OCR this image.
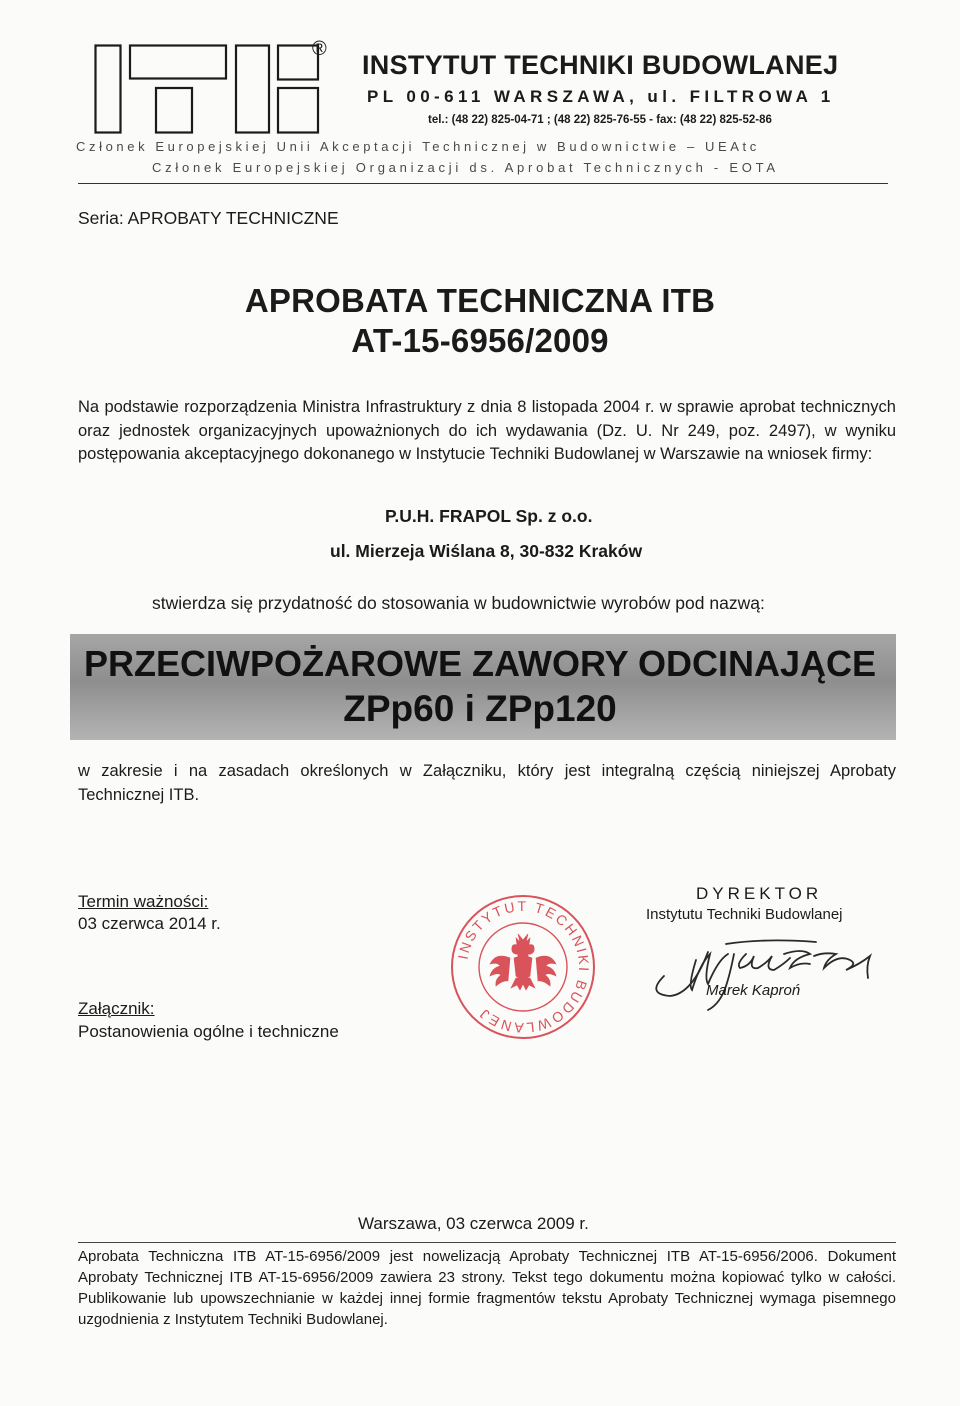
®
INSTYTUT TECHNIKI BUDOWLANEJ
PL 00-611 WARSZAWA, ul. FILTROWA 1
tel.: (48 22) 825-04-71 ; (48 22) 825-76-55 - fax: (48 22) 825-52-86
Członek Europejskiej Unii Akceptacji Technicznej w Budownictwie – UEAtc
Członek Europejskiej Organizacji ds. Aprobat Technicznych - EOTA
Seria: APROBATY TECHNICZNE
APROBATA TECHNICZNA ITB
AT-15-6956/2009

Na podstawie rozporządzenia Ministra Infrastruktury z dnia 8 listopada 2004 r. w sprawie aprobat technicznych oraz jednostek organizacyjnych upoważnionych do ich wydawania (Dz. U. Nr 249, poz. 2497), w wyniku postępowania akceptacyjnego dokonanego w Instytucie Techniki Budowlanej w Warszawie na wniosek firmy:

P.U.H. FRAPOL Sp. z o.o.
ul. Mierzeja Wiślana 8, 30-832 Kraków
stwierdza się przydatność do stosowania w budownictwie wyrobów pod nazwą:
PRZECIWPOŻAROWE ZAWORY ODCINAJĄCE
ZPp60 i ZPp120

w zakresie i na zasadach określonych w Załączniku, który jest integralną częścią niniejszej Aprobaty Technicznej ITB.

Termin ważności:
03 czerwca 2014 r.
Załącznik:
Postanowienia ogólne i techniczne
INSTYTUT TECHNIKI BUDOWLANEJ
DYREKTOR
Instytutu Techniki Budowlanej
Marek Kaproń
Warszawa, 03 czerwca 2009 r.

Aprobata Techniczna ITB AT-15-6956/2009 jest nowelizacją Aprobaty Technicznej ITB AT-15-6956/2006. Dokument Aprobaty Technicznej ITB AT-15-6956/2009 zawiera 23 strony. Tekst tego dokumentu można kopiować tylko w całości. Publikowanie lub upowszechnianie w każdej innej formie fragmentów tekstu Aprobaty Technicznej wymaga pisemnego uzgodnienia z Instytutem Techniki Budowlanej.
